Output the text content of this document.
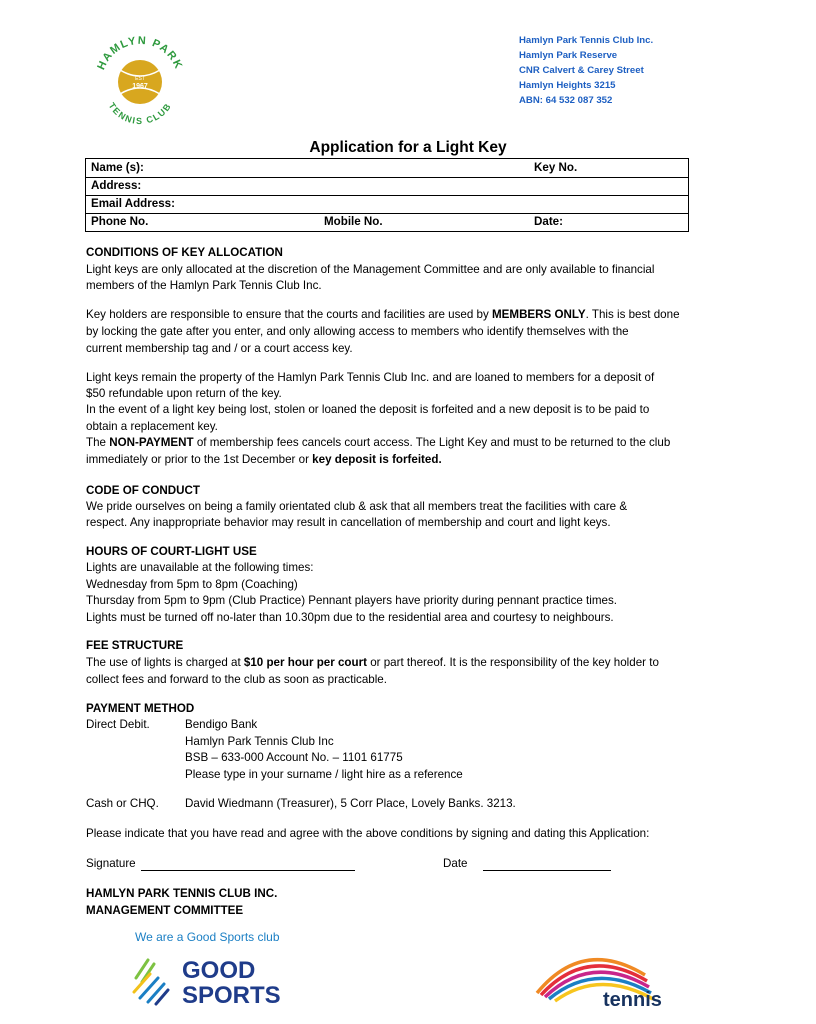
HAMLYN PARK
TENNIS CLUB
EST
1967
Hamlyn Park Tennis Club Inc.
Hamlyn Park Reserve
CNR Calvert & Carey Street
Hamlyn Heights 3215
ABN: 64 532 087 352
Application for a Light Key
Name (s):	Key No.
Address:
Email Address:
Phone No.	Mobile No.	Date:
CONDITIONS OF KEY ALLOCATION
Light keys are only allocated at the discretion of the Management Committee and are only available to financial
members of the Hamlyn Park Tennis Club Inc.
Key holders are responsible to ensure that the courts and facilities are used by MEMBERS ONLY. This is best done
by locking the gate after you enter, and only allowing access to members who identify themselves with the
current membership tag and / or a court access key.
Light keys remain the property of the Hamlyn Park Tennis Club Inc. and are loaned to members for a deposit of
$50 refundable upon return of the key.
In the event of a light key being lost, stolen or loaned the deposit is forfeited and a new deposit is to be paid to
obtain a replacement key.
The NON-PAYMENT of membership fees cancels court access. The Light Key and must to be returned to the club
immediately or prior to the 1st December or key deposit is forfeited.
CODE OF CONDUCT
We pride ourselves on being a family orientated club & ask that all members treat the facilities with care &
respect. Any inappropriate behavior may result in cancellation of membership and court and light keys.
HOURS OF COURT-LIGHT USE
Lights are unavailable at the following times:
Wednesday from 5pm to 8pm (Coaching)
Thursday from 5pm to 9pm (Club Practice) Pennant players have priority during pennant practice times.
Lights must be turned off no-later than 10.30pm due to the residential area and courtesy to neighbours.
FEE STRUCTURE
The use of lights is charged at $10 per hour per court or part thereof. It is the responsibility of the key holder to
collect fees and forward to the club as soon as practicable.
PAYMENT METHOD
Direct Debit.	Bendigo Bank
Hamlyn Park Tennis Club Inc
BSB – 633-000 Account No. – 1101 61775
Please type in your surname / light hire as a reference
Cash or CHQ. David Wiedmann (Treasurer), 5 Corr Place, Lovely Banks. 3213.
Please indicate that you have read and agree with the above conditions by signing and dating this Application:
Signature	Date
HAMLYN PARK TENNIS CLUB INC.
MANAGEMENT COMMITTEE
We are a Good Sports club
GOOD
SPORTS	tennis
